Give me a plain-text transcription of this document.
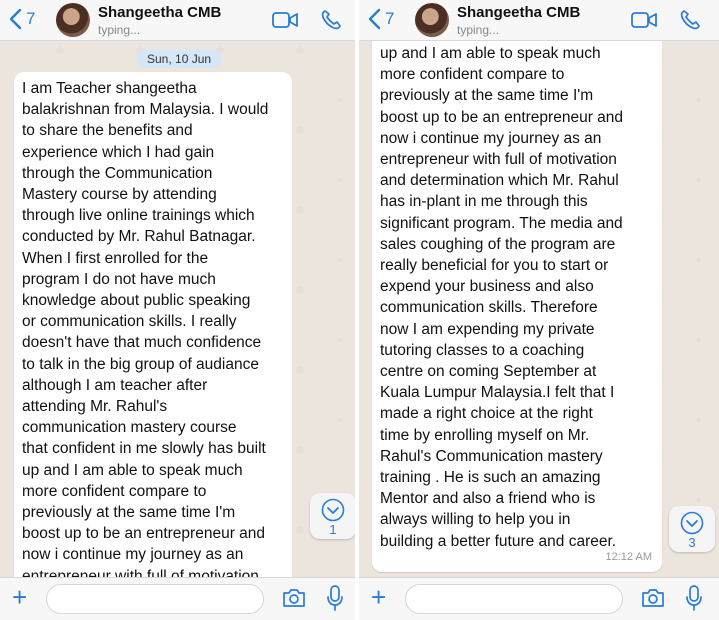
7	Shangeetha CMB
typing...
Sun, 10 Jun
I am Teacher shangeetha
balakrishnan from Malaysia. I would
to share the benefits and
experience which I had gain
through the Communication
Mastery course by attending
through live online trainings which
conducted by Mr. Rahul Batnagar.
When I first enrolled for the
program I do not have much
knowledge about public speaking
or communication skills. I really
doesn't have that much confidence
to talk in the big group of audiance
although I am teacher after
attending Mr. Rahul's
communication mastery course
that confident in me slowly has built
up and I am able to speak much
more confident compare to
previously at the same time I'm
boost up to be an entrepreneur and
now i continue my journey as an
1
+
7	Shangeetha CMB
typing...
up and I am able to speak much
more confident compare to
previously at the same time I'm
boost up to be an entrepreneur and
now i continue my journey as an
entrepreneur with full of motivation
and determination which Mr. Rahul
has in-plant in me through this
significant program. The media and
sales coughing of the program are
really beneficial for you to start or
expend your business and also
communication skills. Therefore
now I am expending my private
tutoring classes to a coaching
centre on coming September at
Kuala Lumpur Malaysia.I felt that I
made a right choice at the right
time by enrolling myself on Mr.
Rahul's Communication mastery
training . He is such an amazing
Mentor and also a friend who is
always willing to help you in
building a better future and career.
12:12 AM
3
+
